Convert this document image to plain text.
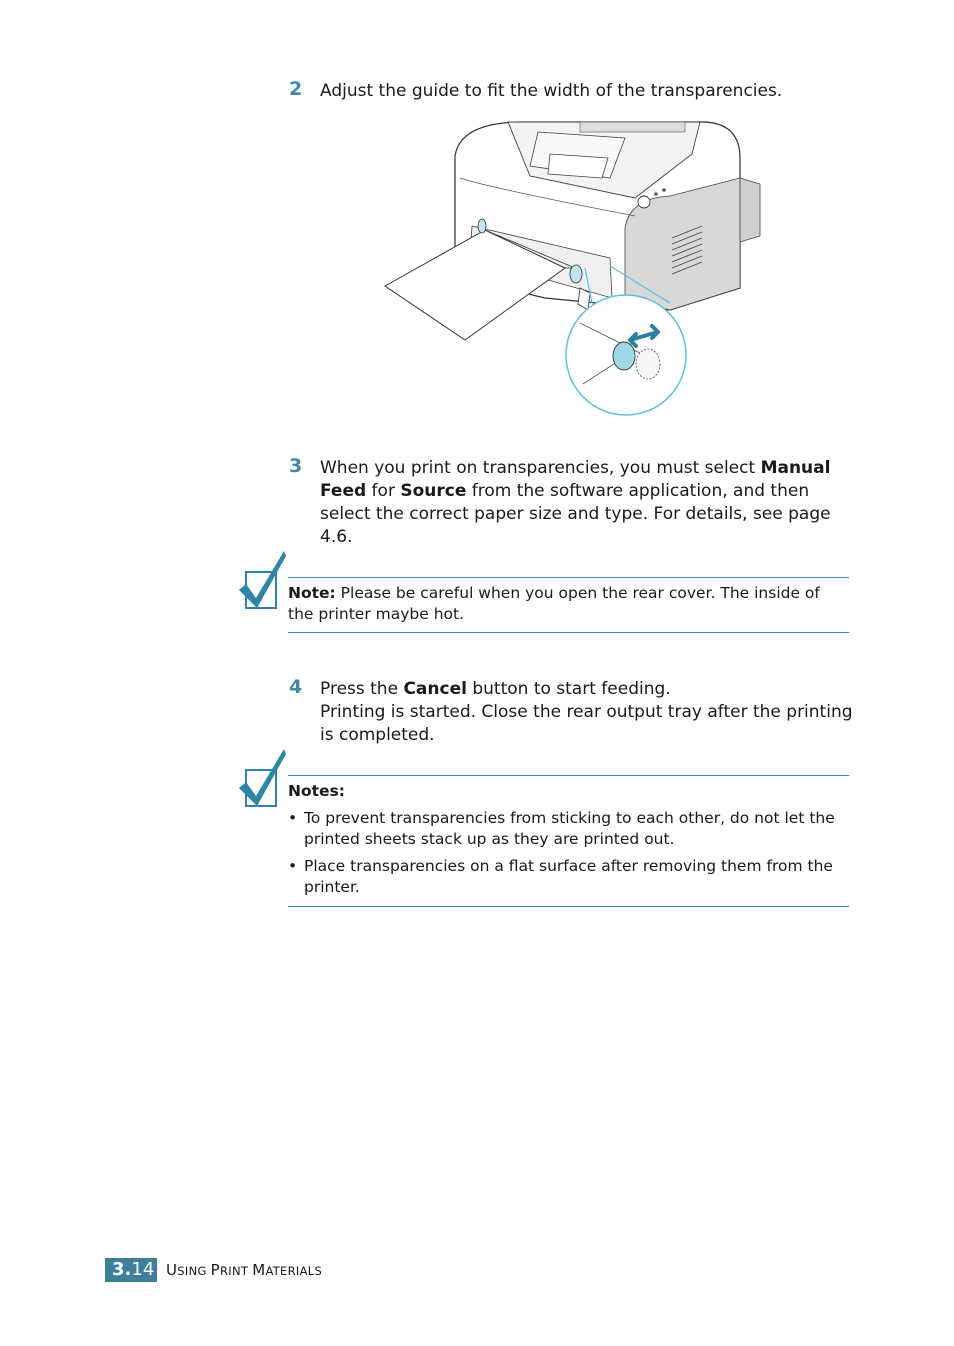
2 Adjust the guide to fit the width of the transparencies.
3 When you print on transparencies, you must select Manual Feed for Source from the software application, and then select the correct paper size and type. For details, see page 4.6.
Note: Please be careful when you open the rear cover. The inside of the printer maybe hot.
4 Press the Cancel button to start feeding.
Printing is started. Close the rear output tray after the printing is completed.
Notes:
• To prevent transparencies from sticking to each other, do not let the printed sheets stack up as they are printed out.
• Place transparencies on a flat surface after removing them from the printer.
3.14 USING PRINT MATERIALS
